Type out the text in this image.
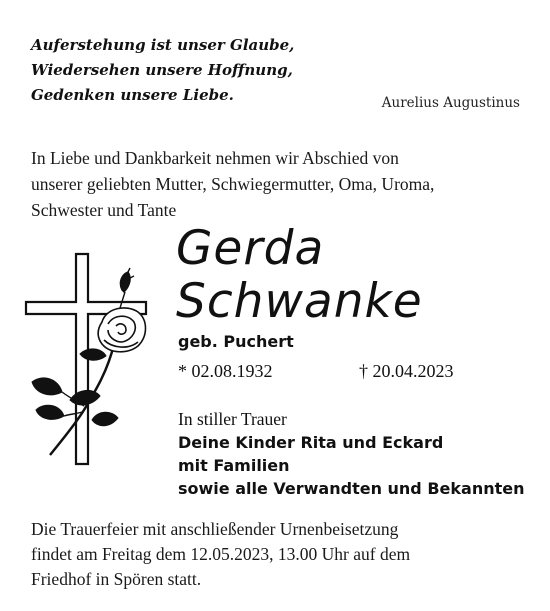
Auferstehung ist unser Glaube,
Wiedersehen unsere Hoffnung,
Gedenken unsere Liebe.	Aurelius Augustinus
In Liebe und Dankbarkeit nehmen wir Abschied von
unserer geliebten Mutter, Schwiegermutter, Oma, Uroma,
Schwester und Tante
Gerda
Schwanke
geb. Puchert
* 02.08.1932	† 20.04.2023
In stiller Trauer
Deine Kinder Rita und Eckard
mit Familien
sowie alle Verwandten und Bekannten
Die Trauerfeier mit anschließender Urnenbeisetzung
findet am Freitag dem 12.05.2023, 13.00 Uhr auf dem
Friedhof in Spören statt.
